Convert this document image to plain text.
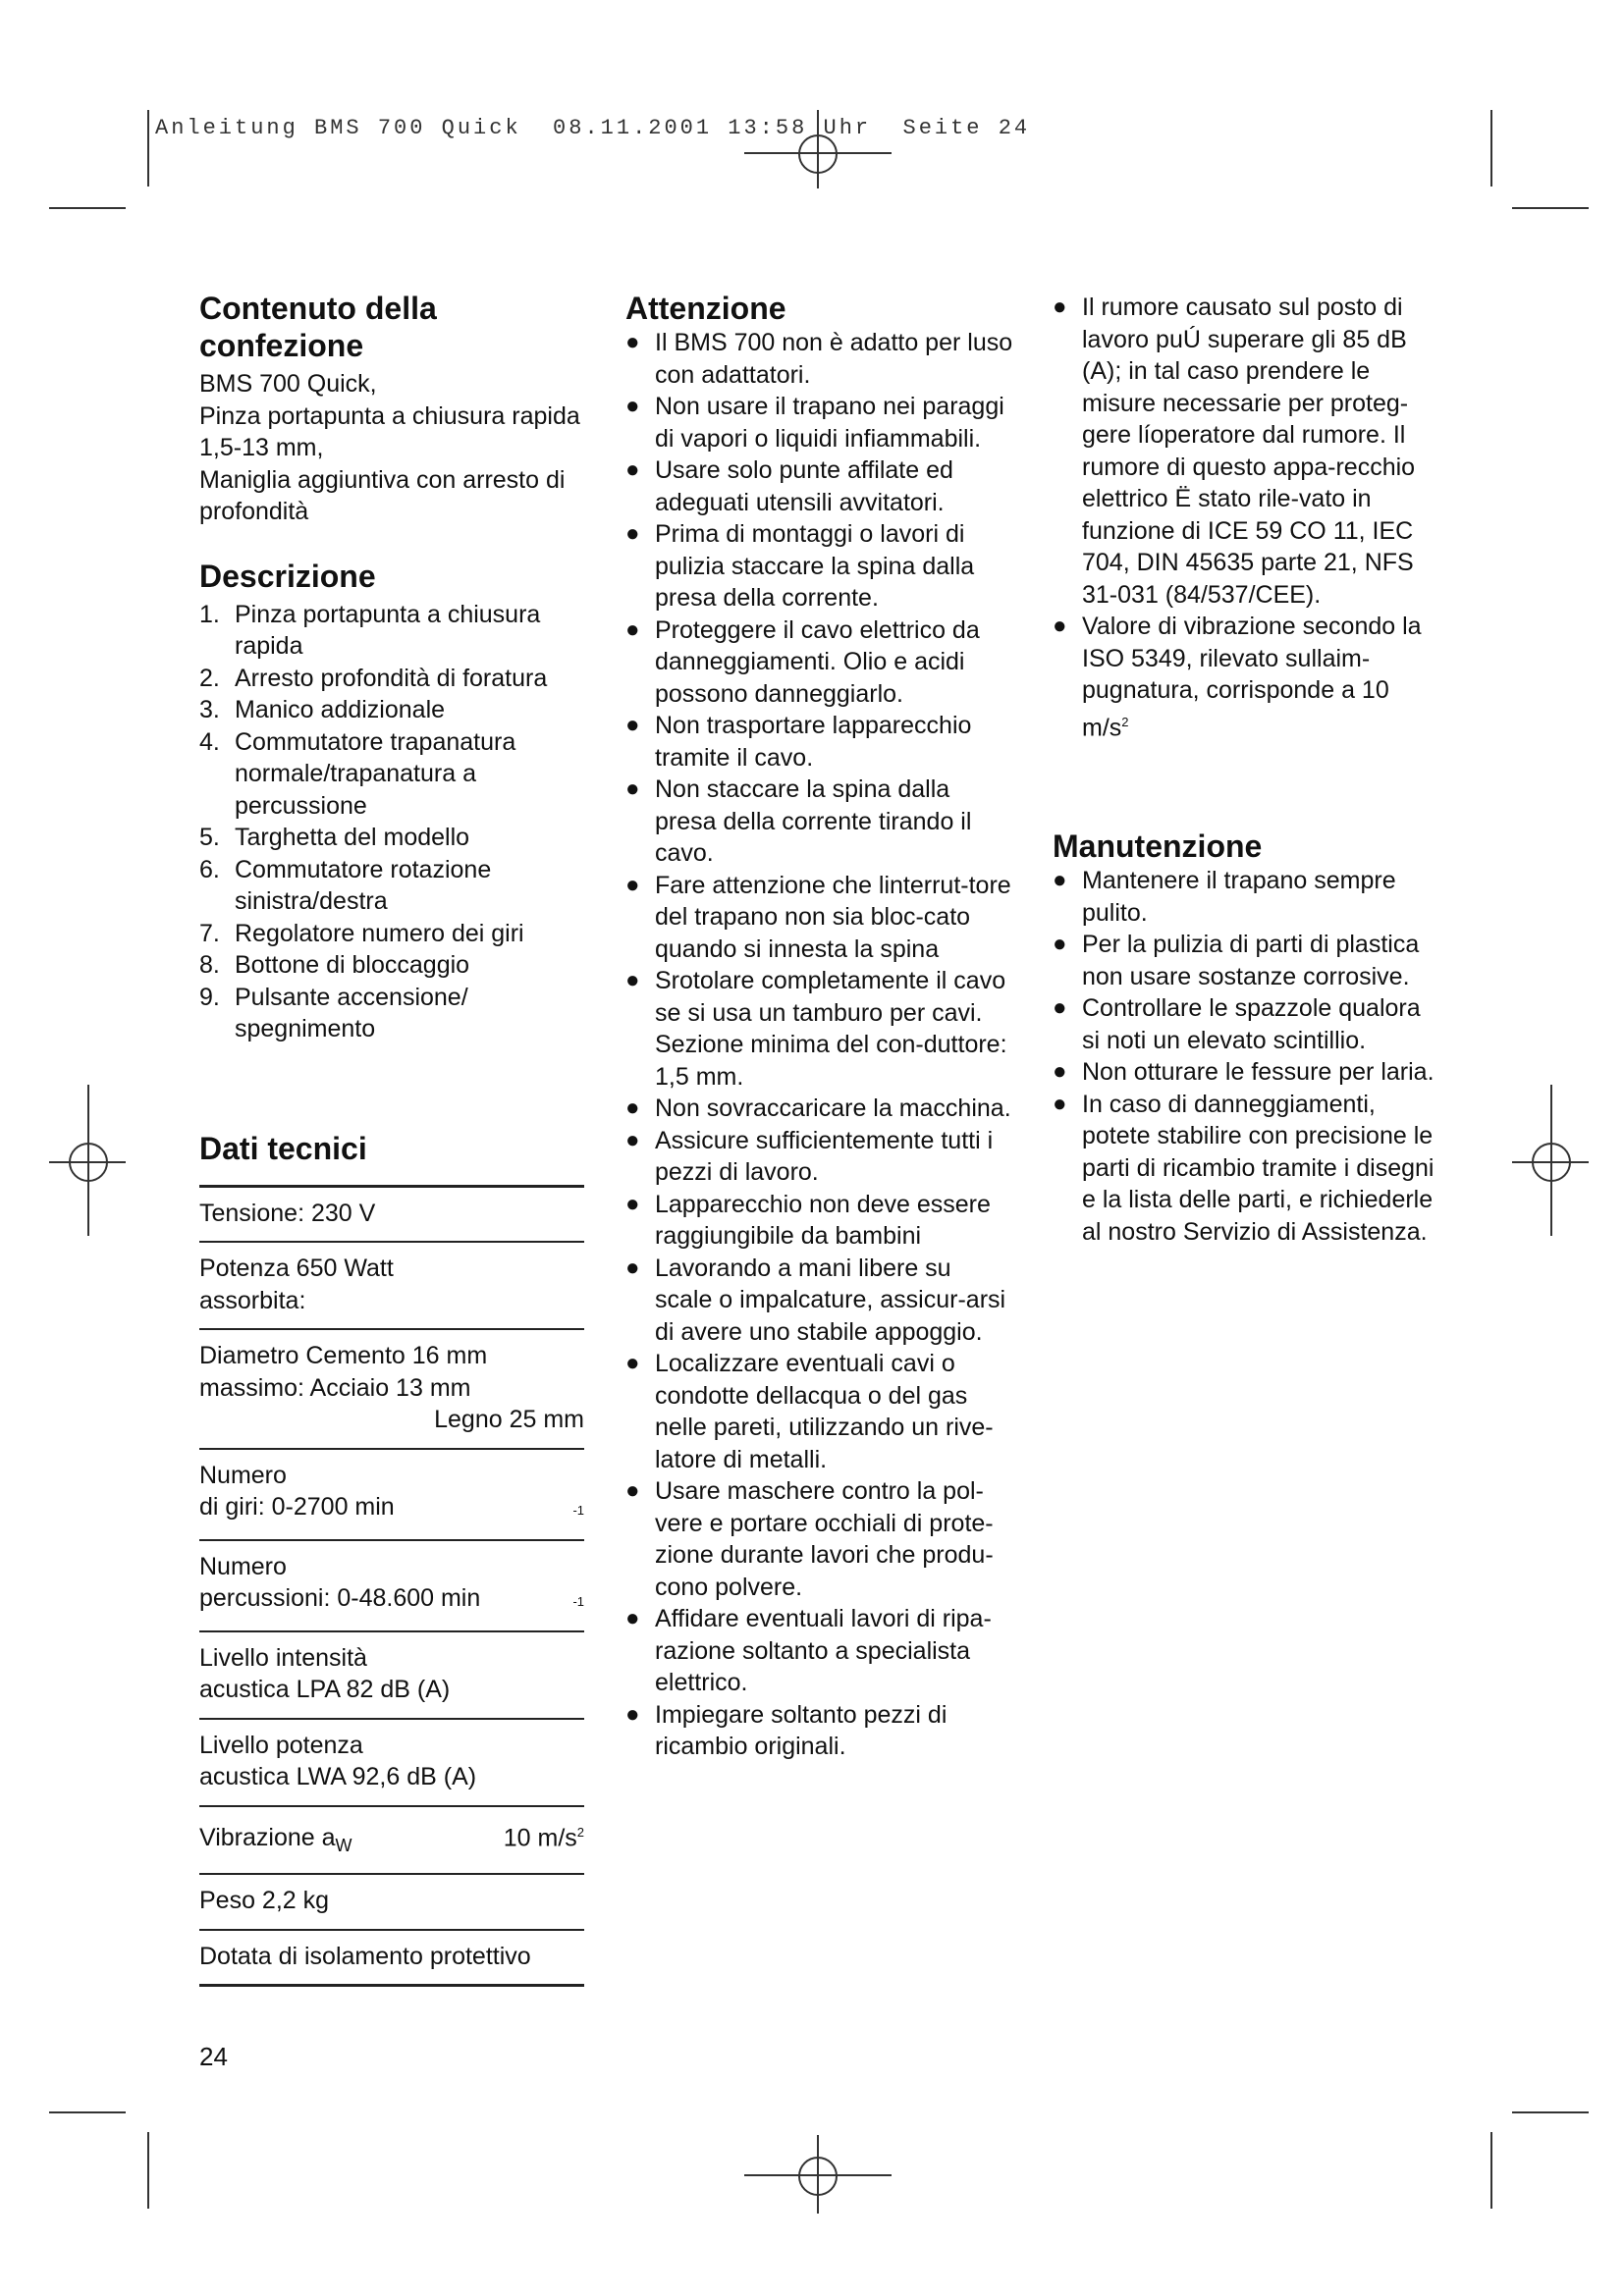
Anleitung BMS 700 Quick  08.11.2001 13:58 Uhr  Seite 24
Contenuto della confezione
BMS 700 Quick,
Pinza portapunta a chiusura rapida 1,5-13 mm,
Maniglia aggiuntiva con arresto di profondità
Descrizione
1. Pinza portapunta a chiusura rapida
2. Arresto profondità di foratura
3. Manico addizionale
4. Commutatore trapanatura normale/trapanatura a percussione
5. Targhetta del modello
6. Commutatore rotazione sinistra/destra
7. Regolatore numero dei giri
8. Bottone di bloccaggio
9. Pulsante accensione/ spegnimento
Dati tecnici
Tensione: 230 V
Potenza 650 Watt
assorbita:
Diametro Cemento 16 mm
massimo: Acciaio 13 mm
Legno 25 mm
Numero
di giri: 0-2700 min	-1
Numero
percussioni: 0-48.600 min	-1
Livello intensità
acustica LPA 82 dB (A)
Livello potenza
acustica LWA 92,6 dB (A)
Vibrazione $a_W$	10 $m/s^2$
Peso 2,2 kg
Dotata di isolamento protettivo
Attenzione
● Il BMS 700 non è adatto per luso con adattatori.
● Non usare il trapano nei paraggi di vapori o liquidi infiammabili.
● Usare solo punte affilate ed adeguati utensili avvitatori.
● Prima di montaggi o lavori di pulizia staccare la spina dalla presa della corrente.
● Proteggere il cavo elettrico da danneggiamenti. Olio e acidi possono danneggiarlo.
● Non trasportare lapparecchio tramite il cavo.
● Non staccare la spina dalla presa della corrente tirando il cavo.
● Fare attenzione che linterrut-tore del trapano non sia bloc-cato quando si innesta la spina
● Srotolare completamente il cavo se si usa un tamburo per cavi. Sezione minima del con-duttore: 1,5 mm.
● Non sovraccaricare la macchina.
● Assicure sufficientemente tutti i pezzi di lavoro.
● Lapparecchio non deve essere raggiungibile da bambini
● Lavorando a mani libere su scale o impalcature, assicur-arsi di avere uno stabile appoggio.
● Localizzare eventuali cavi o condotte dellacqua o del gas nelle pareti, utilizzando un rive-latore di metalli.
● Usare maschere contro la pol-vere e portare occhiali di prote-zione durante lavori che produ-cono polvere.
● Affidare eventuali lavori di ripa-razione soltanto a specialista elettrico.
● Impiegare soltanto pezzi di ricambio originali.
● Il rumore causato sul posto di lavoro puÚ superare gli 85 dB (A); in tal caso prendere le misure necessarie per proteg-gere líoperatore dal rumore. Il rumore di questo appa-recchio elettrico Ë stato rile-vato in funzione di ICE 59 CO 11, IEC 704, DIN 45635 parte 21, NFS 31-031 (84/537/CEE).
● Valore di vibrazione secondo la ISO 5349, rilevato sullaim-pugnatura, corrisponde a 10 $m/s^2$
Manutenzione
● Mantenere il trapano sempre pulito.
● Per la pulizia di parti di plastica non usare sostanze corrosive.
● Controllare le spazzole qualora si noti un elevato scintillio.
● Non otturare le fessure per laria.
● In caso di danneggiamenti, potete stabilire con precisione le parti di ricambio tramite i disegni e la lista delle parti, e richiederle al nostro Servizio di Assistenza.
24
